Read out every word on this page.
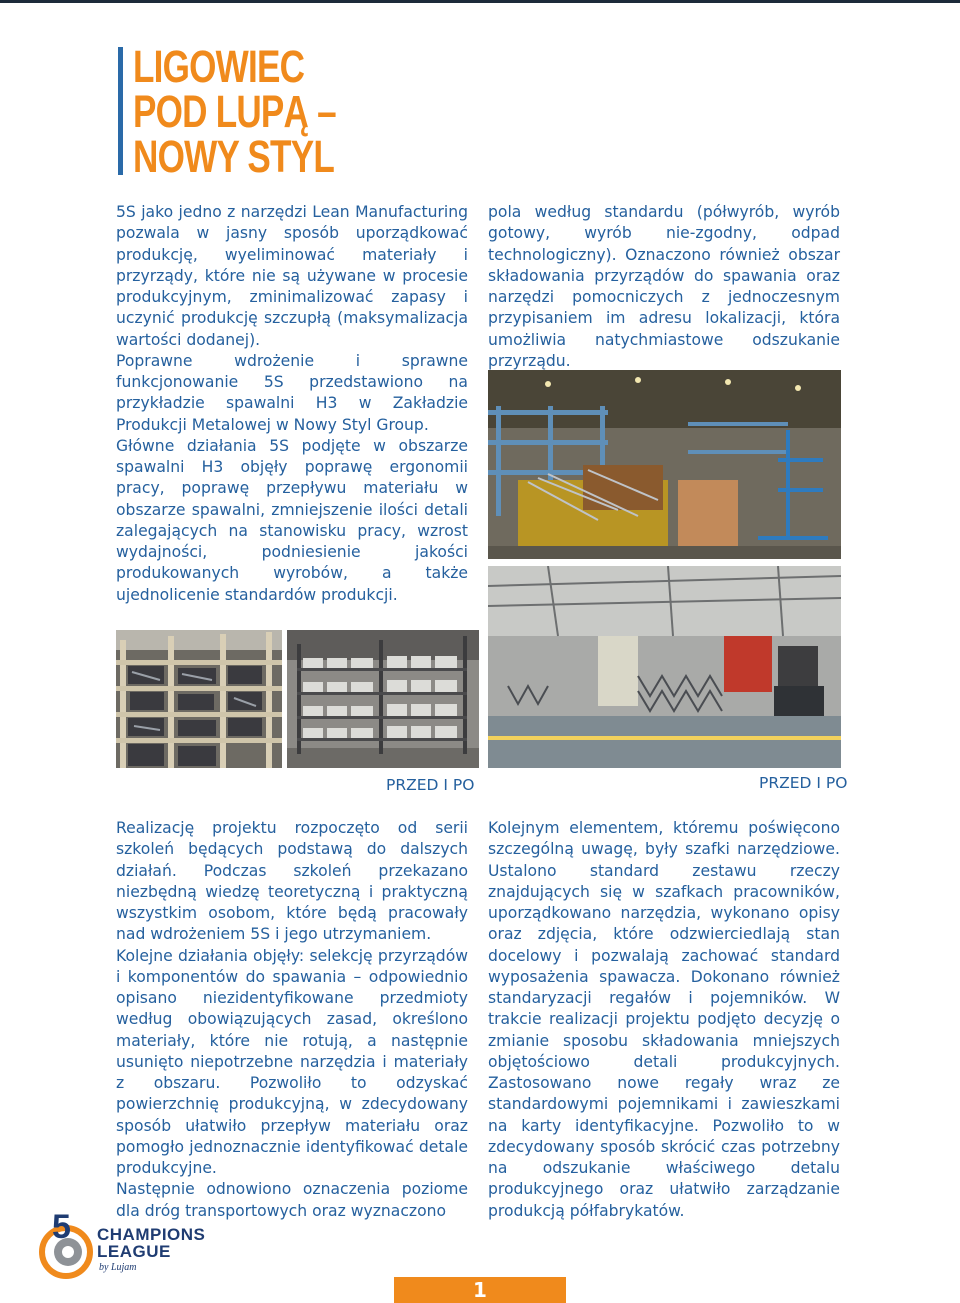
LIGOWIEC
POD LUPĄ –
NOWY STYL

5S jako jedno z narzędzi Lean Manufacturing pozwala w jasny sposób uporządkować produkcję, wyeliminować materiały i przyrządy, które nie są używane w procesie produkcyjnym, zminimalizować zapasy i uczynić produkcję szczupłą (maksymalizacja wartości dodanej).

Poprawne wdrożenie i sprawne funkcjonowanie 5S przedstawiono na przykładzie spawalni H3 w Zakładzie Produkcji Metalowej w Nowy Styl Group.

Główne działania 5S podjęte w obszarze spawalni H3 objęły poprawę ergonomii pracy, poprawę przepływu materiału w obszarze spawalni, zmniejszenie ilości detali zalegających na stanowisku pracy, wzrost wydajności, podniesienie jakości produkowanych wyrobów, a także ujednolicenie standardów produkcji.

pola według standardu (półwyrób, wyrób gotowy, wyrób nie-zgodny, odpad technologiczny). Oznaczono również obszar składowania przyrządów do spawania oraz narzędzi pomocniczych z jednoczesnym przypisaniem im adresu lokalizacji, która umożliwia natychmiastowe odszukanie przyrządu.

PRZED I PO	PRZED I PO

Realizację projektu rozpoczęto od serii szkoleń będących podstawą do dalszych działań. Podczas szkoleń przekazano niezbędną wiedzę teoretyczną i praktyczną wszystkim osobom, które będą pracowały nad wdrożeniem 5S i jego utrzymaniem.

Kolejne działania objęły: selekcję przyrządów i komponentów do spawania – odpowiednio opisano niezidentyfikowane przedmioty według obowiązujących zasad, określono materiały, które nie rotują, a następnie usunięto niepotrzebne narzędzia i materiały z obszaru. Pozwoliło to odzyskać powierzchnię produkcyjną, w zdecydowany sposób ułatwiło przepływ materiału oraz pomogło jednoznacznie identyfikować detale produkcyjne.

Następnie odnowiono oznaczenia poziome dla dróg transportowych oraz wyznaczono

Kolejnym elementem, któremu poświęcono szczególną uwagę, były szafki narzędziowe. Ustalono standard zestawu rzeczy znajdujących się w szafkach pracowników, uporządkowano narzędzia, wykonano opisy oraz zdjęcia, które odzwierciedlają stan docelowy i pozwalają zachować standard wyposażenia spawacza. Dokonano również standaryzacji regałów i pojemników. W trakcie realizacji projektu podjęto decyzję o zmianie sposobu składowania mniejszych objętościowo detali produkcyjnych. Zastosowano nowe regały wraz ze standardowymi pojemnikami i zawieszkami na karty identyfikacyjne. Pozwoliło to w zdecydowany sposób skrócić czas potrzebny na odszukanie właściwego detalu produkcyjnego oraz ułatwiło zarządzanie produkcją półfabrykatów.

5 CHAMPIONS
LEAGUE
by Lujam
1
